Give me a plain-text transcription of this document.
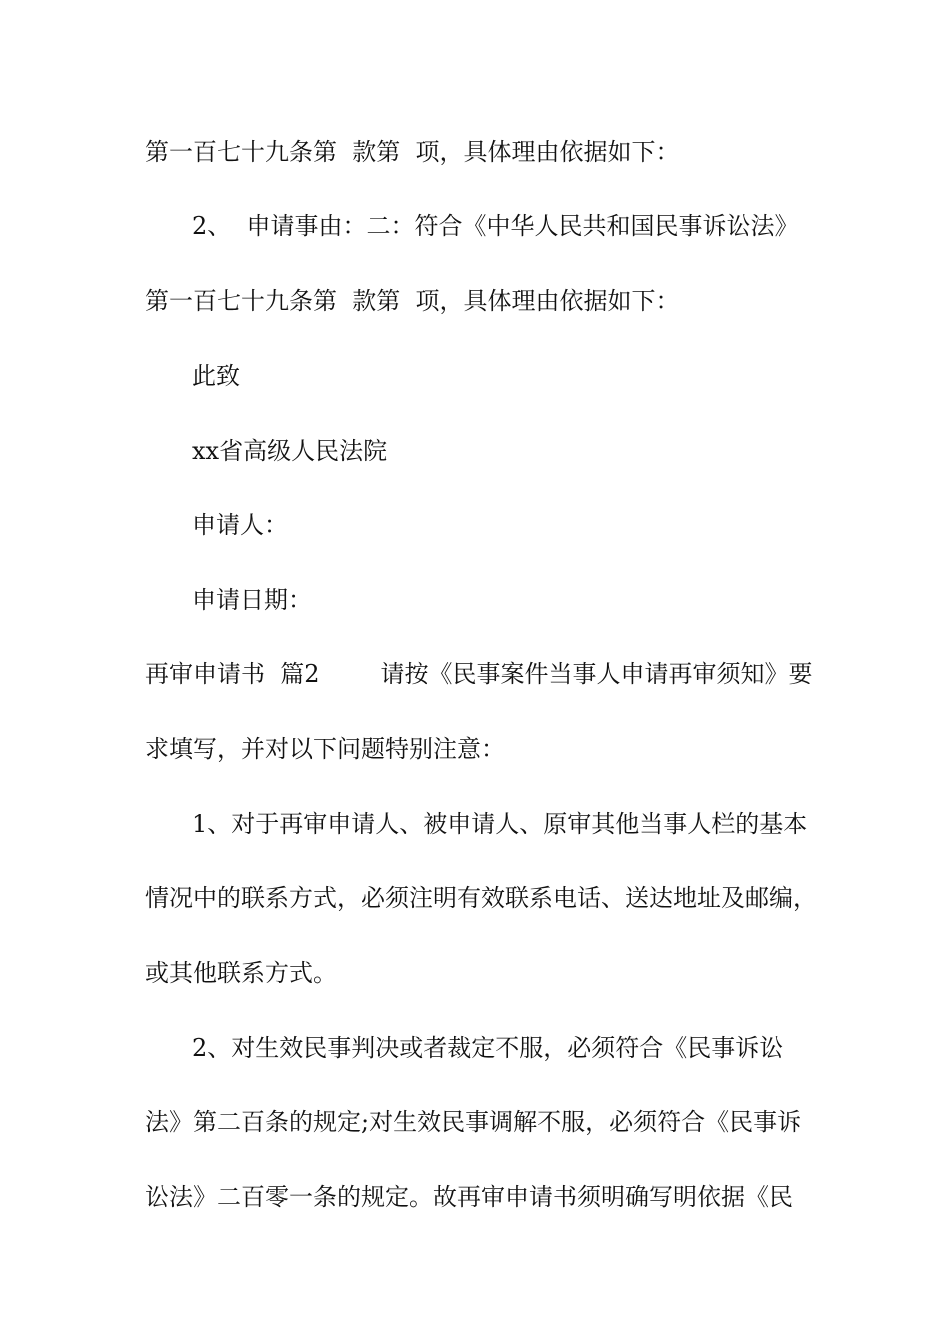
第一百七十九条第  款第  项，具体理由依据如下：
2、  申请事由：二：符合《中华人民共和国民事诉讼法》
第一百七十九条第  款第  项，具体理由依据如下：
此致
xx省高级人民法院
申请人：
申请日期：
再审申请书  篇2        请按《民事案件当事人申请再审须知》要
求填写，并对以下问题特别注意：
1、对于再审申请人、被申请人、原审其他当事人栏的基本
情况中的联系方式，必须注明有效联系电话、送达地址及邮编，
或其他联系方式。
2、对生效民事判决或者裁定不服，必须符合《民事诉讼
法》第二百条的规定;对生效民事调解不服，必须符合《民事诉
讼法》二百零一条的规定。故再审申请书须明确写明依据《民
